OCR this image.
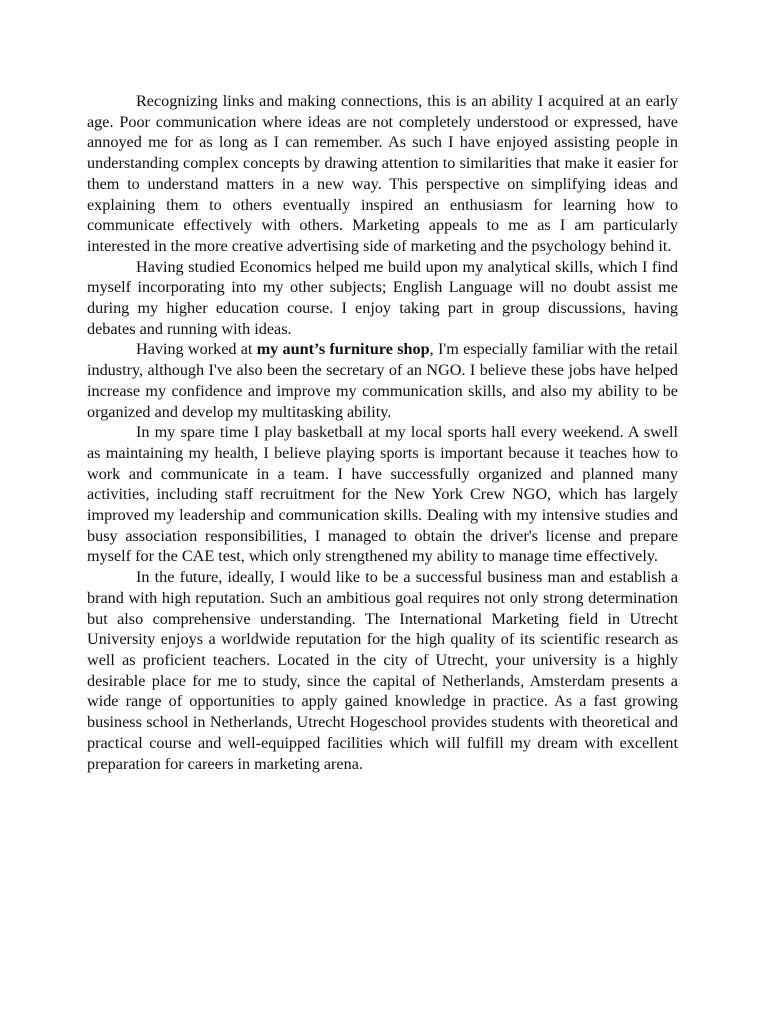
Recognizing links and making connections, this is an ability I acquired at an early age. Poor communication where ideas are not completely understood or expressed, have annoyed me for as long as I can remember. As such I have enjoyed assisting people in understanding complex concepts by drawing attention to similarities that make it easier for them to understand matters in a new way. This perspective on simplifying ideas and explaining them to others eventually inspired an enthusiasm for learning how to communicate effectively with others. Marketing appeals to me as I am particularly interested in the more creative advertising side of marketing and the psychology behind it.

Having studied Economics helped me build upon my analytical skills, which I find myself incorporating into my other subjects; English Language will no doubt assist me during my higher education course. I enjoy taking part in group discussions, having debates and running with ideas.

Having worked at my aunt’s furniture shop, I'm especially familiar with the retail industry, although I've also been the secretary of an NGO. I believe these jobs have helped increase my confidence and improve my communication skills, and also my ability to be organized and develop my multitasking ability.

In my spare time I play basketball at my local sports hall every weekend. A swell as maintaining my health, I believe playing sports is important because it teaches how to work and communicate in a team. I have successfully organized and planned many activities, including staff recruitment for the New York Crew NGO, which has largely improved my leadership and communication skills. Dealing with my intensive studies and busy association responsibilities, I managed to obtain the driver's license and prepare myself for the CAE test, which only strengthened my ability to manage time effectively.

In the future, ideally, I would like to be a successful business man and establish a brand with high reputation. Such an ambitious goal requires not only strong determination but also comprehensive understanding. The International Marketing field in Utrecht University enjoys a worldwide reputation for the high quality of its scientific research as well as proficient teachers. Located in the city of Utrecht, your university is a highly desirable place for me to study, since the capital of Netherlands, Amsterdam presents a wide range of opportunities to apply gained knowledge in practice. As a fast growing business school in Netherlands, Utrecht Hogeschool provides students with theoretical and practical course and well-equipped facilities which will fulfill my dream with excellent preparation for careers in marketing arena.
